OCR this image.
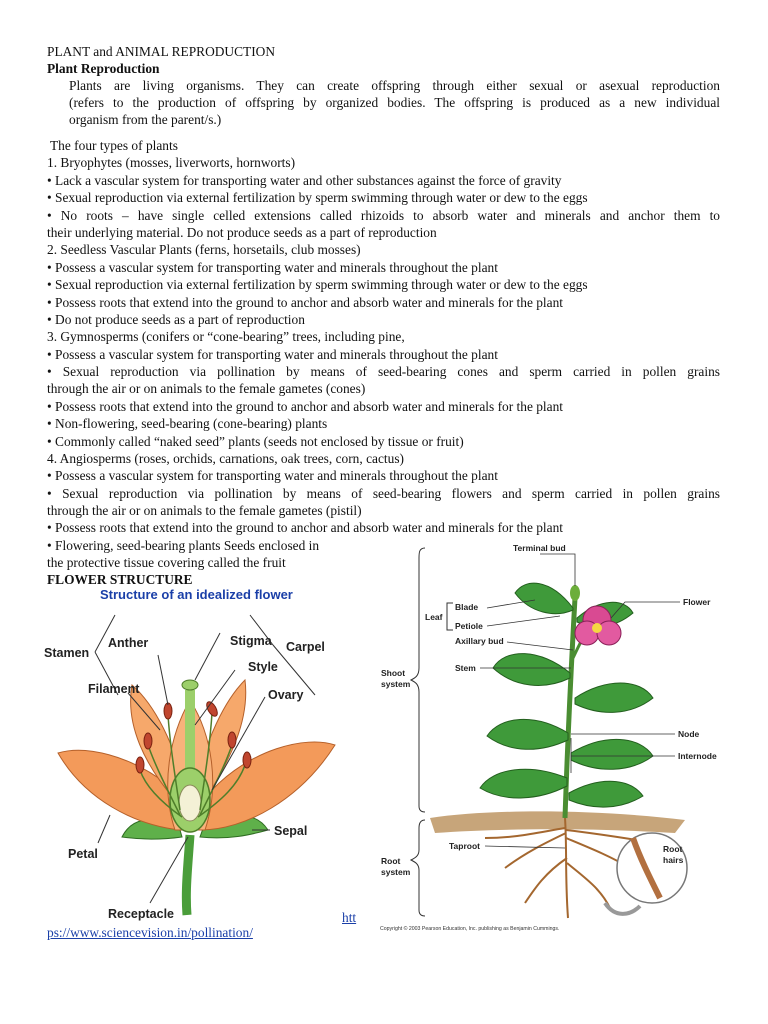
PLANT and ANIMAL REPRODUCTION
Plant Reproduction
Plants are living organisms. They can create offspring through either sexual or asexual reproduction
(refers to the production of offspring by organized bodies. The offspring is produced as a new individual
organism from the parent/s.)
The four types of plants
1. Bryophytes (mosses, liverworts, hornworts)
• Lack a vascular system for transporting water and other substances against the force of gravity
• Sexual reproduction via external fertilization by sperm swimming through water or dew to the eggs
• No roots – have single celled extensions called rhizoids to absorb water and minerals and anchor them to
their underlying material. Do not produce seeds as a part of reproduction
2. Seedless Vascular Plants (ferns, horsetails, club mosses)
• Possess a vascular system for transporting water and minerals throughout the plant
• Sexual reproduction via external fertilization by sperm swimming through water or dew to the eggs
• Possess roots that extend into the ground to anchor and absorb water and minerals for the plant
• Do not produce seeds as a part of reproduction
3. Gymnosperms (conifers or “cone-bearing” trees, including pine,
• Possess a vascular system for transporting water and minerals throughout the plant
• Sexual reproduction via pollination by means of seed-bearing cones and sperm carried in pollen grains
through the air or on animals to the female gametes (cones)
• Possess roots that extend into the ground to anchor and absorb water and minerals for the plant
• Non-flowering, seed-bearing (cone-bearing) plants
• Commonly called “naked seed” plants (seeds not enclosed by tissue or fruit)
4. Angiosperms (roses, orchids, carnations, oak trees, corn, cactus)
• Possess a vascular system for transporting water and minerals throughout the plant
• Sexual reproduction via pollination by means of seed-bearing flowers and sperm carried in pollen grains
through the air or on animals to the female gametes (pistil)
• Possess roots that extend into the ground to anchor and absorb water and minerals for the plant
• Flowering, seed-bearing plants Seeds enclosed in
the protective tissue covering called the fruit
FLOWER STRUCTURE
htt
ps://www.sciencevision.in/pollination/
Structure of an idealized flower
Stamen
Anther	Stigma Carpel
Style
Filament	Ovary
Sepal
Petal
Receptacle
Terminal bud
Flower
Leaf
Blade
Petiole
Axillary bud
Stem
Shoot
system
Node
Internode
Taproot
Root
system
Root
hairs
Copyright © 2003 Pearson Education, Inc. publishing as Benjamin Cummings.
